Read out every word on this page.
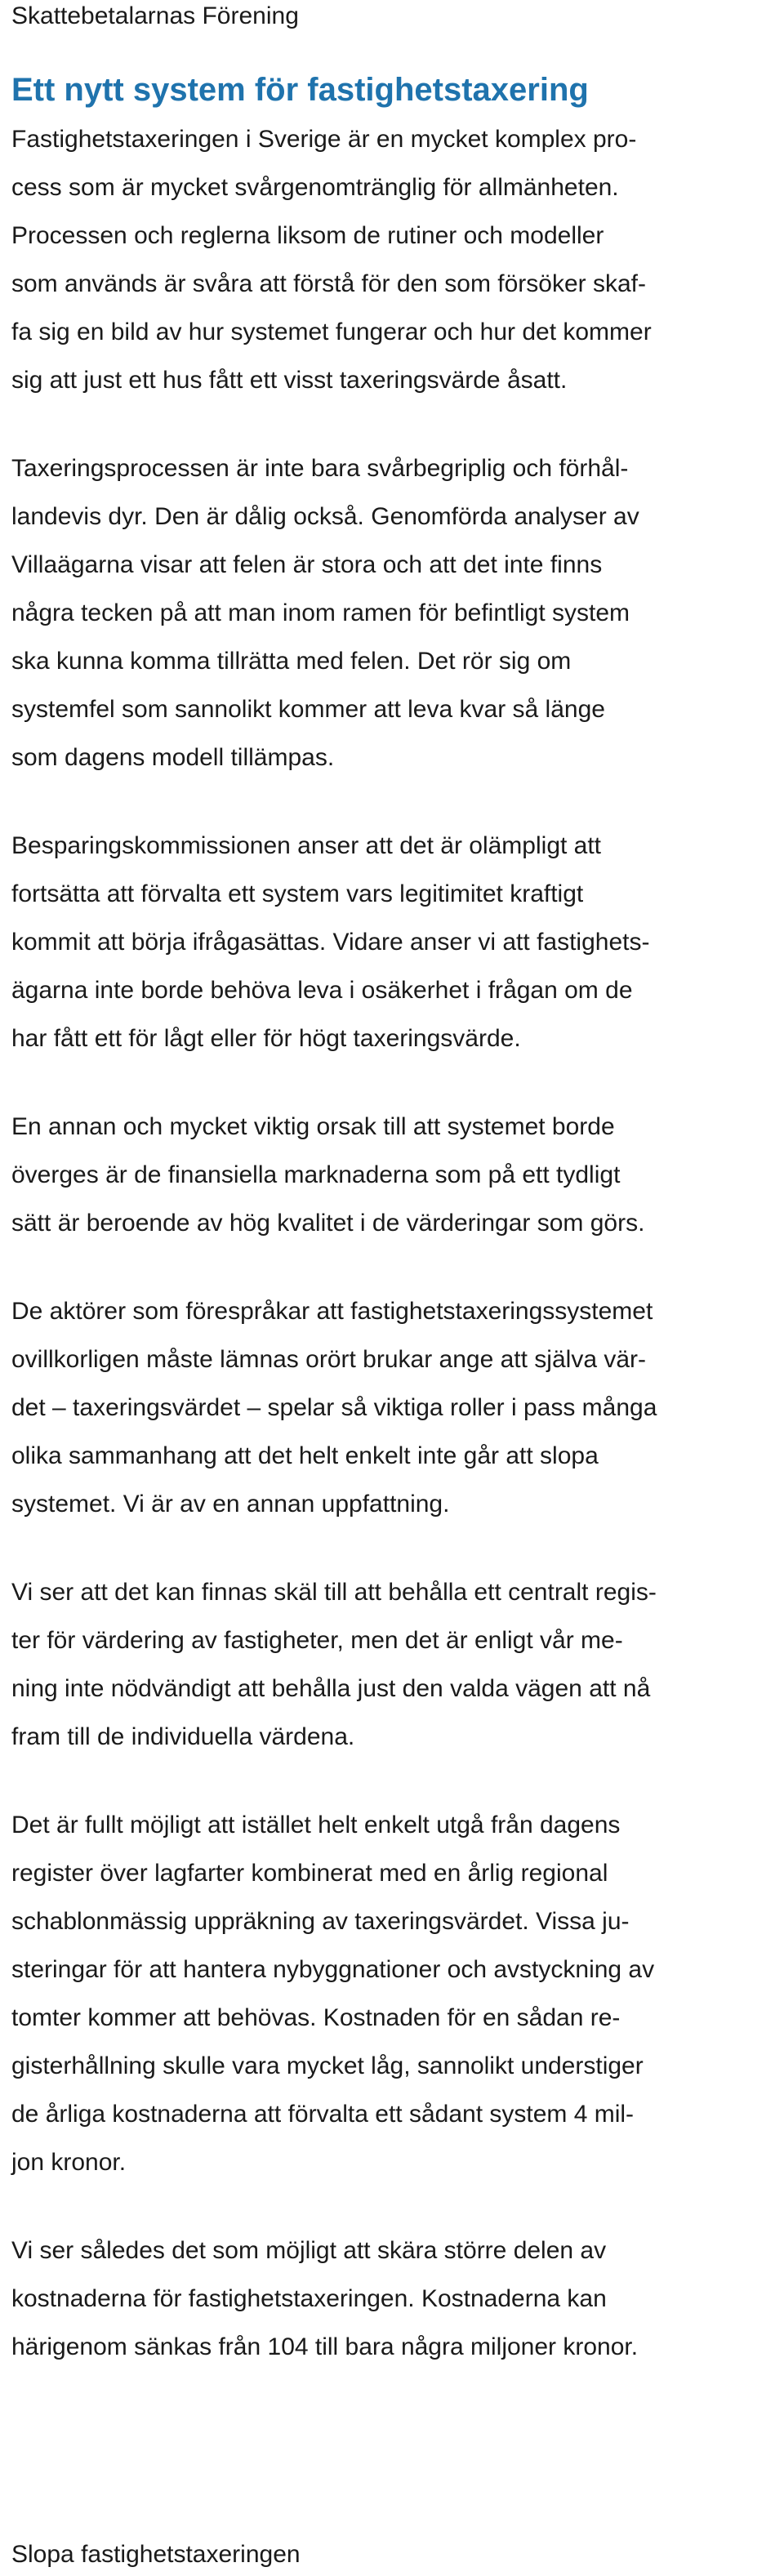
Skattebetalarnas Förening
Ett nytt system för fastighetstaxering

Fastighetstaxeringen i Sverige är en mycket komplex pro-
cess som är mycket svårgenomtränglig för allmänheten.
Processen och reglerna liksom de rutiner och modeller
som används är svåra att förstå för den som försöker skaf-
fa sig en bild av hur systemet fungerar och hur det kommer
sig att just ett hus fått ett visst taxeringsvärde åsatt.

Taxeringsprocessen är inte bara svårbegriplig och förhål-
landevis dyr. Den är dålig också. Genomförda analyser av
Villaägarna visar att felen är stora och att det inte finns
några tecken på att man inom ramen för befintligt system
ska kunna komma tillrätta med felen. Det rör sig om
systemfel som sannolikt kommer att leva kvar så länge
som dagens modell tillämpas.

Besparingskommissionen anser att det är olämpligt att
fortsätta att förvalta ett system vars legitimitet kraftigt
kommit att börja ifrågasättas. Vidare anser vi att fastighets-
ägarna inte borde behöva leva i osäkerhet i frågan om de
har fått ett för lågt eller för högt taxeringsvärde.

En annan och mycket viktig orsak till att systemet borde
överges är de finansiella marknaderna som på ett tydligt
sätt är beroende av hög kvalitet i de värderingar som görs.

De aktörer som förespråkar att fastighetstaxeringssystemet
ovillkorligen måste lämnas orört brukar ange att själva vär-
det – taxeringsvärdet – spelar så viktiga roller i pass många
olika sammanhang att det helt enkelt inte går att slopa
systemet. Vi är av en annan uppfattning.

Vi ser att det kan finnas skäl till att behålla ett centralt regis-
ter för värdering av fastigheter, men det är enligt vår me-
ning inte nödvändigt att behålla just den valda vägen att nå
fram till de individuella värdena.

Det är fullt möjligt att istället helt enkelt utgå från dagens
register över lagfarter kombinerat med en årlig regional
schablonmässig uppräkning av taxeringsvärdet. Vissa ju-
steringar för att hantera nybyggnationer och avstyckning av
tomter kommer att behövas. Kostnaden för en sådan re-
gisterhållning skulle vara mycket låg, sannolikt understiger
de årliga kostnaderna att förvalta ett sådant system 4 mil-
jon kronor.

Vi ser således det som möjligt att skära större delen av
kostnaderna för fastighetstaxeringen. Kostnaderna kan
härigenom sänkas från 104 till bara några miljoner kronor.

Slopa fastighetstaxeringen
